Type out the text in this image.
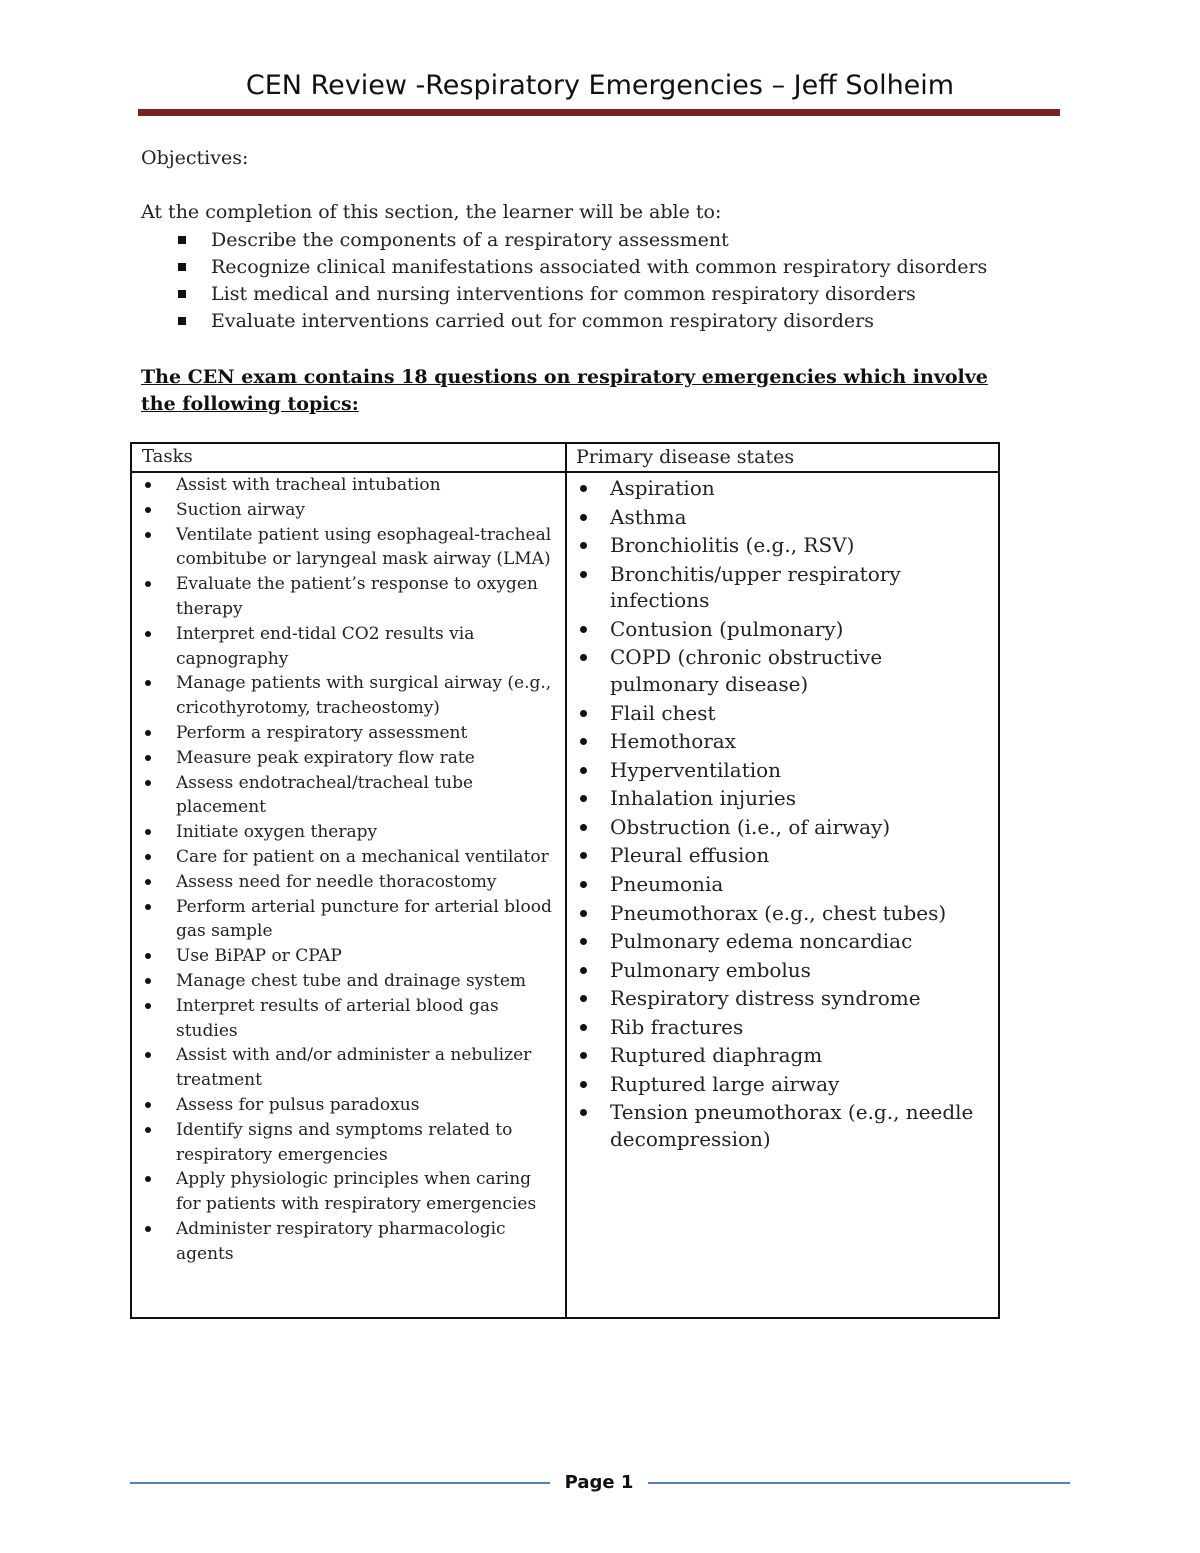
CEN Review -Respiratory Emergencies – Jeff Solheim
Objectives:
At the completion of this section, the learner will be able to:
Describe the components of a respiratory assessment
Recognize clinical manifestations associated with common respiratory disorders
List medical and nursing interventions for common respiratory disorders
Evaluate interventions carried out for common respiratory disorders
The CEN exam contains 18 questions on respiratory emergencies which involve the following topics:
Tasks	Primary disease states
Assist with tracheal intubation
Suction airway
Ventilate patient using esophageal-tracheal combitube or laryngeal mask airway (LMA)
Evaluate the patient’s response to oxygen therapy
Interpret end-tidal CO2 results via capnography
Manage patients with surgical airway (e.g., cricothyrotomy, tracheostomy)
Perform a respiratory assessment
Measure peak expiratory flow rate
Assess endotracheal/tracheal tube placement
Initiate oxygen therapy
Care for patient on a mechanical ventilator
Assess need for needle thoracostomy
Perform arterial puncture for arterial blood gas sample
Use BiPAP or CPAP
Manage chest tube and drainage system
Interpret results of arterial blood gas studies
Assist with and/or administer a nebulizer treatment
Assess for pulsus paradoxus
Identify signs and symptoms related to respiratory emergencies
Apply physiologic principles when caring for patients with respiratory emergencies
Administer respiratory pharmacologic agents
Aspiration
Asthma
Bronchiolitis (e.g., RSV)
Bronchitis/upper respiratory infections
Contusion (pulmonary)
COPD (chronic obstructive pulmonary disease)
Flail chest
Hemothorax
Hyperventilation
Inhalation injuries
Obstruction (i.e., of airway)
Pleural effusion
Pneumonia
Pneumothorax (e.g., chest tubes)
Pulmonary edema noncardiac
Pulmonary embolus
Respiratory distress syndrome
Rib fractures
Ruptured diaphragm
Ruptured large airway
Tension pneumothorax (e.g., needle decompression)
Page 1
